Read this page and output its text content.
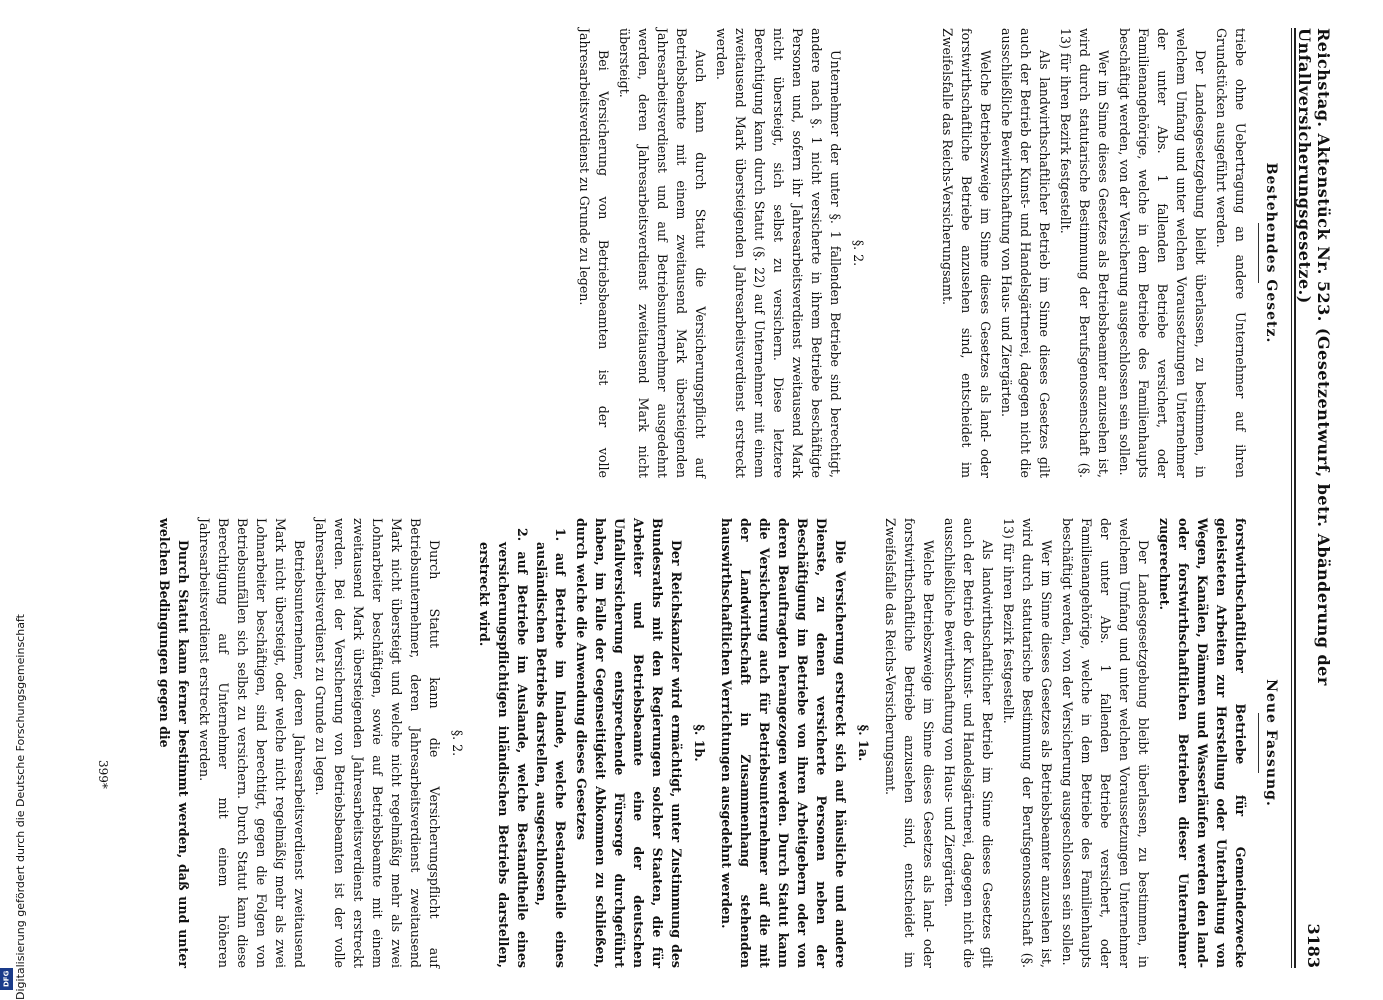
Reichstag. Aktenstück Nr. 523. (Gesetzentwurf, betr. Abänderung der Unfallversicherungsgesetze.)
3183
Bestehendes Gesetz.

triebe ohne Uebertragung an andere Unternehmer auf ihren Grundstücken ausgeführt werden.

Der Landesgesetzgebung bleibt überlassen, zu bestimmen, in welchem Umfang und unter welchen Voraussetzungen Unternehmer der unter Abs. 1 fallenden Betriebe versichert, oder Familienangehörige, welche in dem Betriebe des Familienhaupts beschäftigt werden, von der Versicherung ausgeschlossen sein sollen.

Wer im Sinne dieses Gesetzes als Betriebsbeamter anzusehen ist, wird durch statutarische Bestimmung der Berufsgenossenschaft (§. 13) für ihren Bezirk festgestellt.

Als landwirthschaftlicher Betrieb im Sinne dieses Gesetzes gilt auch der Betrieb der Kunst- und Handelsgärtnerei, dagegen nicht die ausschließliche Bewirthschaftung von Haus- und Ziergärten.

Welche Betriebszweige im Sinne dieses Gesetzes als land- oder forstwirthschaftliche Betriebe anzusehen sind, entscheidet im Zweifelsfalle das Reichs-Versicherungsamt.

§. 2.

Unternehmer der unter §. 1 fallenden Betriebe sind berechtigt, andere nach §. 1 nicht versicherte in ihrem Betriebe beschäftigte Personen und, sofern ihr Jahresarbeitsverdienst zweitausend Mark nicht übersteigt, sich selbst zu versichern. Diese letztere Berechtigung kann durch Statut (§. 22) auf Unternehmer mit einem zweitausend Mark übersteigenden Jahresarbeitsverdienst erstreckt werden.

Auch kann durch Statut die Versicherungspflicht auf Betriebsbeamte mit einem zweitausend Mark übersteigenden Jahresarbeitsverdienst und auf Betriebsunternehmer ausgedehnt werden, deren Jahresarbeitsverdienst zweitausend Mark nicht übersteigt.

Bei Versicherung von Betriebsbeamten ist der volle Jahresarbeitsverdienst zu Grunde zu legen.

Neue Fassung.

forstwirthschaftlicher Betriebe für Gemeindezwecke geleisteten Arbeiten zur Herstellung oder Unterhaltung von Wegen, Kanälen, Dämmen und Wasserläufen werden den land- oder forstwirthschaftlichen Betrieben dieser Unternehmer zugerechnet.

Der Landesgesetzgebung bleibt überlassen, zu bestimmen, in welchem Umfang und unter welchen Voraussetzungen Unternehmer der unter Abs. 1 fallenden Betriebe versichert, oder Familienangehörige, welche in dem Betriebe des Familienhaupts beschäftigt werden, von der Versicherung ausgeschlossen sein sollen.

Wer im Sinne dieses Gesetzes als Betriebsbeamter anzusehen ist, wird durch statutarische Bestimmung der Berufsgenossenschaft (§. 13) für ihren Bezirk festgestellt.

Als landwirthschaftlicher Betrieb im Sinne dieses Gesetzes gilt auch der Betrieb der Kunst- und Handelsgärtnerei, dagegen nicht die ausschließliche Bewirthschaftung von Haus- und Ziergärten.

Welche Betriebszweige im Sinne dieses Gesetzes als land- oder forstwirthschaftliche Betriebe anzusehen sind, entscheidet im Zweifelsfalle das Reichs-Versicherungsamt.

§. 1a.

Die Versicherung erstreckt sich auf häusliche und andere Dienste, zu denen versicherte Personen neben der Beschäftigung im Betriebe von ihren Arbeitgebern oder von deren Beauftragten herangezogen werden. Durch Statut kann die Versicherung auch für Betriebsunternehmer auf die mit der Landwirthschaft in Zusammenhang stehenden hauswirthschaftlichen Verrichtungen ausgedehnt werden.

§. 1b.

Der Reichskanzler wird ermächtigt, unter Zustimmung des Bundesraths mit den Regierungen solcher Staaten, die für Arbeiter und Betriebsbeamte eine der deutschen Unfallversicherung entsprechende Fürsorge durchgeführt haben, im Falle der Gegenseitigkeit Abkommen zu schließen, durch welche die Anwendung dieses Gesetzes

1. auf Betriebe im Inlande, welche Bestandtheile eines ausländischen Betriebs darstellen, ausgeschlossen,

2. auf Betriebe im Auslande, welche Bestandtheile eines versicherungspflichtigen inländischen Betriebs darstellen, erstreckt wird.

§. 2.

Durch Statut kann die Versicherungspflicht auf Betriebsunternehmer, deren Jahresarbeitsverdienst zweitausend Mark nicht übersteigt und welche nicht regelmäßig mehr als zwei Lohnarbeiter beschäftigen, sowie auf Betriebsbeamte mit einem zweitausend Mark übersteigenden Jahresarbeitsverdienst erstreckt werden. Bei der Versicherung von Betriebsbeamten ist der volle Jahresarbeitsverdienst zu Grunde zu legen.

Betriebsunternehmer, deren Jahresarbeitsverdienst zweitausend Mark nicht übersteigt, oder welche nicht regelmäßig mehr als zwei Lohnarbeiter beschäftigen, sind berechtigt, gegen die Folgen von Betriebsunfällen sich selbst zu versichern. Durch Statut kann diese Berechtigung auf Unternehmer mit einem höheren Jahresarbeitsverdienst erstreckt werden.

Durch Statut kann ferner bestimmt werden, daß und unter welchen Bedingungen gegen die

399*
Digitalisierung gefördert durch die Deutsche Forschungsgemeinschaft
DFG
